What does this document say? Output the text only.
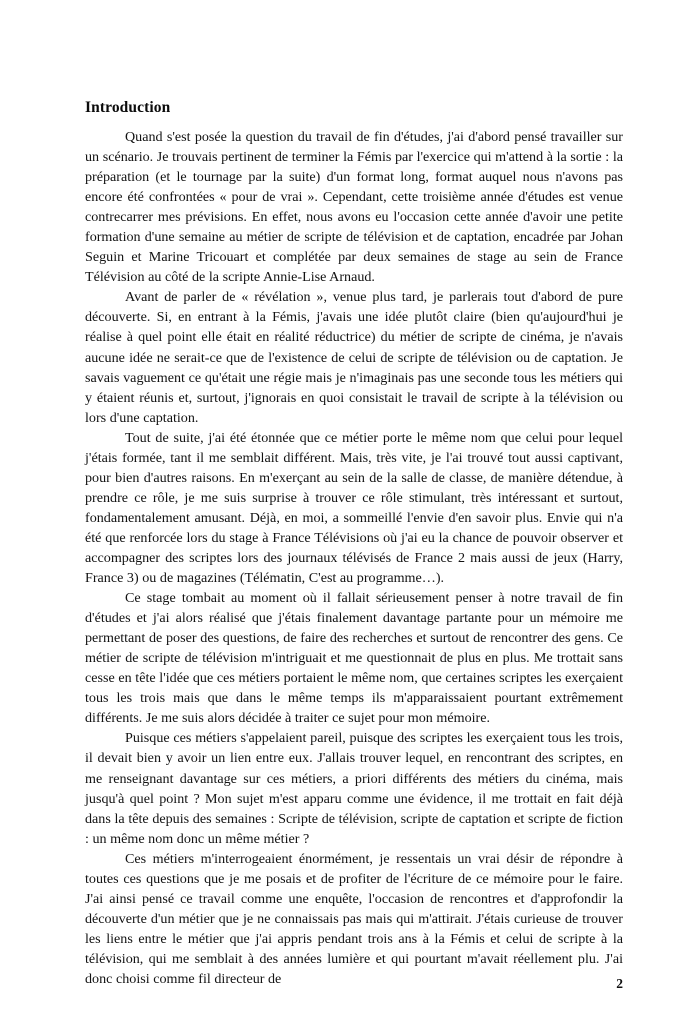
Introduction

Quand s'est posée la question du travail de fin d'études, j'ai d'abord pensé travailler sur un scénario. Je trouvais pertinent de terminer la Fémis par l'exercice qui m'attend à la sortie : la préparation (et le tournage par la suite) d'un format long, format auquel nous n'avons pas encore été confrontées « pour de vrai ». Cependant, cette troisième année d'études est venue contrecarrer mes prévisions. En effet, nous avons eu l'occasion cette année d'avoir une petite formation d'une semaine au métier de scripte de télévision et de captation, encadrée par Johan Seguin et Marine Tricouart et complétée par deux semaines de stage au sein de France Télévision au côté de la scripte Annie-Lise Arnaud.

Avant de parler de « révélation », venue plus tard, je parlerais tout d'abord de pure découverte. Si, en entrant à la Fémis, j'avais une idée plutôt claire (bien qu'aujourd'hui je réalise à quel point elle était en réalité réductrice) du métier de scripte de cinéma, je n'avais aucune idée ne serait-ce que de l'existence de celui de scripte de télévision ou de captation. Je savais vaguement ce qu'était une régie mais je n'imaginais pas une seconde tous les métiers qui y étaient réunis et, surtout, j'ignorais en quoi consistait le travail de scripte à la télévision ou lors d'une captation.

Tout de suite, j'ai été étonnée que ce métier porte le même nom que celui pour lequel j'étais formée, tant il me semblait différent. Mais, très vite, je l'ai trouvé tout aussi captivant, pour bien d'autres raisons. En m'exerçant au sein de la salle de classe, de manière détendue, à prendre ce rôle, je me suis surprise à trouver ce rôle stimulant, très intéressant et surtout, fondamentalement amusant. Déjà, en moi, a sommeillé l'envie d'en savoir plus. Envie qui n'a été que renforcée lors du stage à France Télévisions où j'ai eu la chance de pouvoir observer et accompagner des scriptes lors des journaux télévisés de France 2 mais aussi de jeux (Harry, France 3) ou de magazines (Télématin, C'est au programme…).

Ce stage tombait au moment où il fallait sérieusement penser à notre travail de fin d'études et j'ai alors réalisé que j'étais finalement davantage partante pour un mémoire me permettant de poser des questions, de faire des recherches et surtout de rencontrer des gens. Ce métier de scripte de télévision m'intriguait et me questionnait de plus en plus. Me trottait sans cesse en tête l'idée que ces métiers portaient le même nom, que certaines scriptes les exerçaient tous les trois mais que dans le même temps ils m'apparaissaient pourtant extrêmement différents. Je me suis alors décidée à traiter ce sujet pour mon mémoire.

Puisque ces métiers s'appelaient pareil, puisque des scriptes les exerçaient tous les trois, il devait bien y avoir un lien entre eux. J'allais trouver lequel, en rencontrant des scriptes, en me renseignant davantage sur ces métiers, a priori différents des métiers du cinéma, mais jusqu'à quel point ? Mon sujet m'est apparu comme une évidence, il me trottait en fait déjà dans la tête depuis des semaines : Scripte de télévision, scripte de captation et scripte de fiction : un même nom donc un même métier ?

Ces métiers m'interrogeaient énormément, je ressentais un vrai désir de répondre à toutes ces questions que je me posais et de profiter de l'écriture de ce mémoire pour le faire. J'ai ainsi pensé ce travail comme une enquête, l'occasion de rencontres et d'approfondir la découverte d'un métier que je ne connaissais pas mais qui m'attirait. J'étais curieuse de trouver les liens entre le métier que j'ai appris pendant trois ans à la Fémis et celui de scripte à la télévision, qui me semblait à des années lumière et qui pourtant m'avait réellement plu. J'ai donc choisi comme fil directeur de	2
